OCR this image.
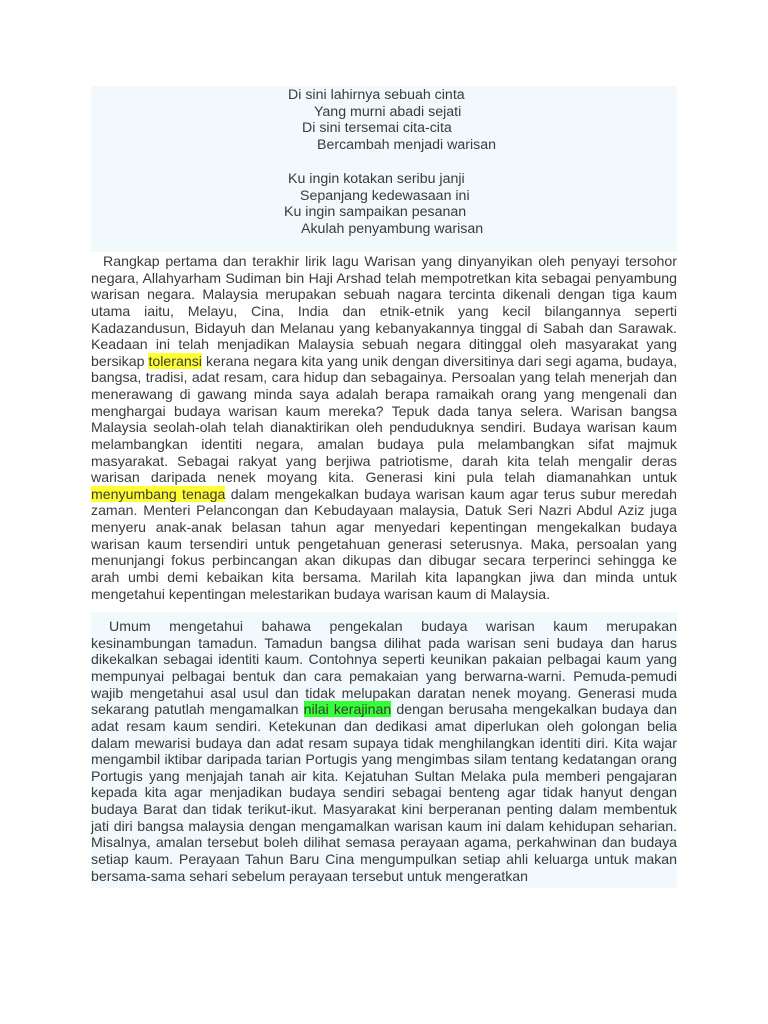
Di sini lahirnya sebuah cinta
Yang murni abadi sejati
Di sini tersemai cita-cita
Bercambah menjadi warisan
Ku ingin kotakan seribu janji
Sepanjang kedewasaan ini
Ku ingin sampaikan pesanan
Akulah penyambung warisan

Rangkap pertama dan terakhir lirik lagu Warisan yang dinyanyikan oleh penyayi tersohor negara, Allahyarham Sudiman bin Haji Arshad telah mempotretkan kita sebagai penyambung warisan negara. Malaysia merupakan sebuah nagara tercinta dikenali dengan tiga kaum utama iaitu, Melayu, Cina, India dan etnik-etnik yang kecil bilangannya seperti Kadazandusun, Bidayuh dan Melanau yang kebanyakannya tinggal di Sabah dan Sarawak. Keadaan ini telah menjadikan Malaysia sebuah negara ditinggal oleh masyarakat yang bersikap toleransi kerana negara kita yang unik dengan diversitinya dari segi agama, budaya, bangsa, tradisi, adat resam, cara hidup dan sebagainya. Persoalan yang telah menerjah dan menerawang di gawang minda saya adalah berapa ramaikah orang yang mengenali dan menghargai budaya warisan kaum mereka? Tepuk dada tanya selera. Warisan bangsa Malaysia seolah-olah telah dianaktirikan oleh penduduknya sendiri. Budaya warisan kaum melambangkan identiti negara, amalan budaya pula melambangkan sifat majmuk masyarakat. Sebagai rakyat yang berjiwa patriotisme, darah kita telah mengalir deras warisan daripada nenek moyang kita. Generasi kini pula telah diamanahkan untuk menyumbang tenaga dalam mengekalkan budaya warisan kaum agar terus subur meredah zaman. Menteri Pelancongan dan Kebudayaan malaysia, Datuk Seri Nazri Abdul Aziz juga menyeru anak-anak belasan tahun agar menyedari kepentingan mengekalkan budaya warisan kaum tersendiri untuk pengetahuan generasi seterusnya. Maka, persoalan yang menunjangi fokus perbincangan akan dikupas dan dibugar secara terperinci sehingga ke arah umbi demi kebaikan kita bersama. Marilah kita lapangkan jiwa dan minda untuk mengetahui kepentingan melestarikan budaya warisan kaum di Malaysia.

Umum mengetahui bahawa pengekalan budaya warisan kaum merupakan kesinambungan tamadun. Tamadun bangsa dilihat pada warisan seni budaya dan harus dikekalkan sebagai identiti kaum. Contohnya seperti keunikan pakaian pelbagai kaum yang mempunyai pelbagai bentuk dan cara pemakaian yang berwarna-warni. Pemuda-pemudi wajib mengetahui asal usul dan tidak melupakan daratan nenek moyang. Generasi muda sekarang patutlah mengamalkan nilai kerajinan dengan berusaha mengekalkan budaya dan adat resam kaum sendiri. Ketekunan dan dedikasi amat diperlukan oleh golongan belia dalam mewarisi budaya dan adat resam supaya tidak menghilangkan identiti diri. Kita wajar mengambil iktibar daripada tarian Portugis yang mengimbas silam tentang kedatangan orang Portugis yang menjajah tanah air kita. Kejatuhan Sultan Melaka pula memberi pengajaran kepada kita agar menjadikan budaya sendiri sebagai benteng agar tidak hanyut dengan budaya Barat dan tidak terikut-ikut. Masyarakat kini berperanan penting dalam membentuk jati diri bangsa malaysia dengan mengamalkan warisan kaum ini dalam kehidupan seharian. Misalnya, amalan tersebut boleh dilihat semasa perayaan agama, perkahwinan dan budaya setiap kaum. Perayaan Tahun Baru Cina mengumpulkan setiap ahli keluarga untuk makan bersama-sama sehari sebelum perayaan tersebut untuk mengeratkan
